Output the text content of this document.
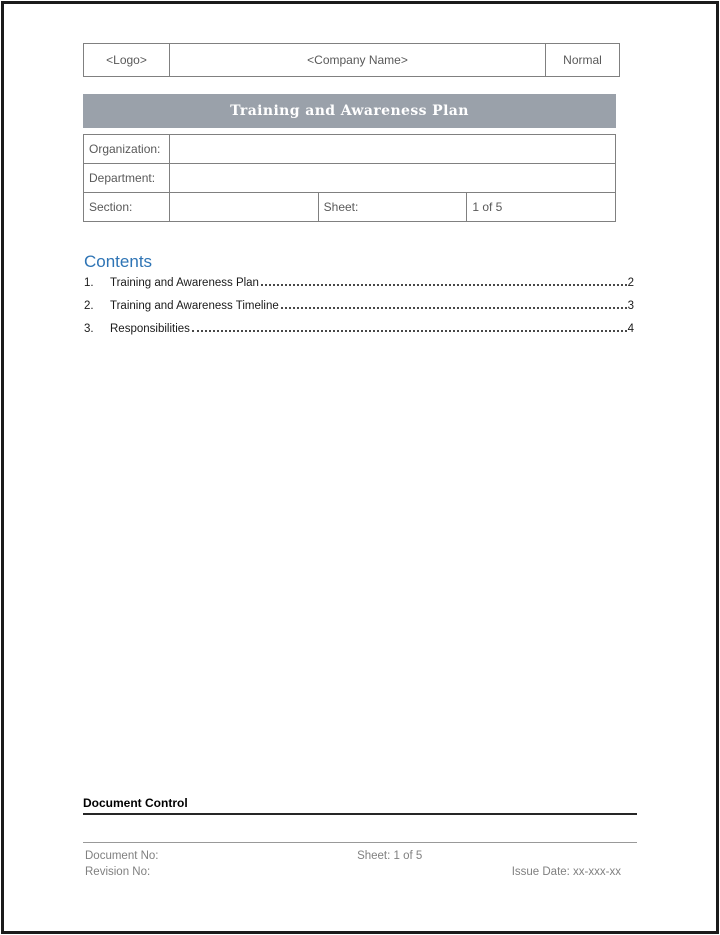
<Logo>	<Company Name>	Normal
Training and Awareness Plan
Organization:			
Department:			
Section:		Sheet:	1 of 5
Contents
1.	Training and Awareness Plan	2
2.	Training and Awareness Timeline	3
3.	Responsibilities	4
Document Control
Document No:	Sheet: 1 of 5
Revision No:	Issue Date: xx-xxx-xx
